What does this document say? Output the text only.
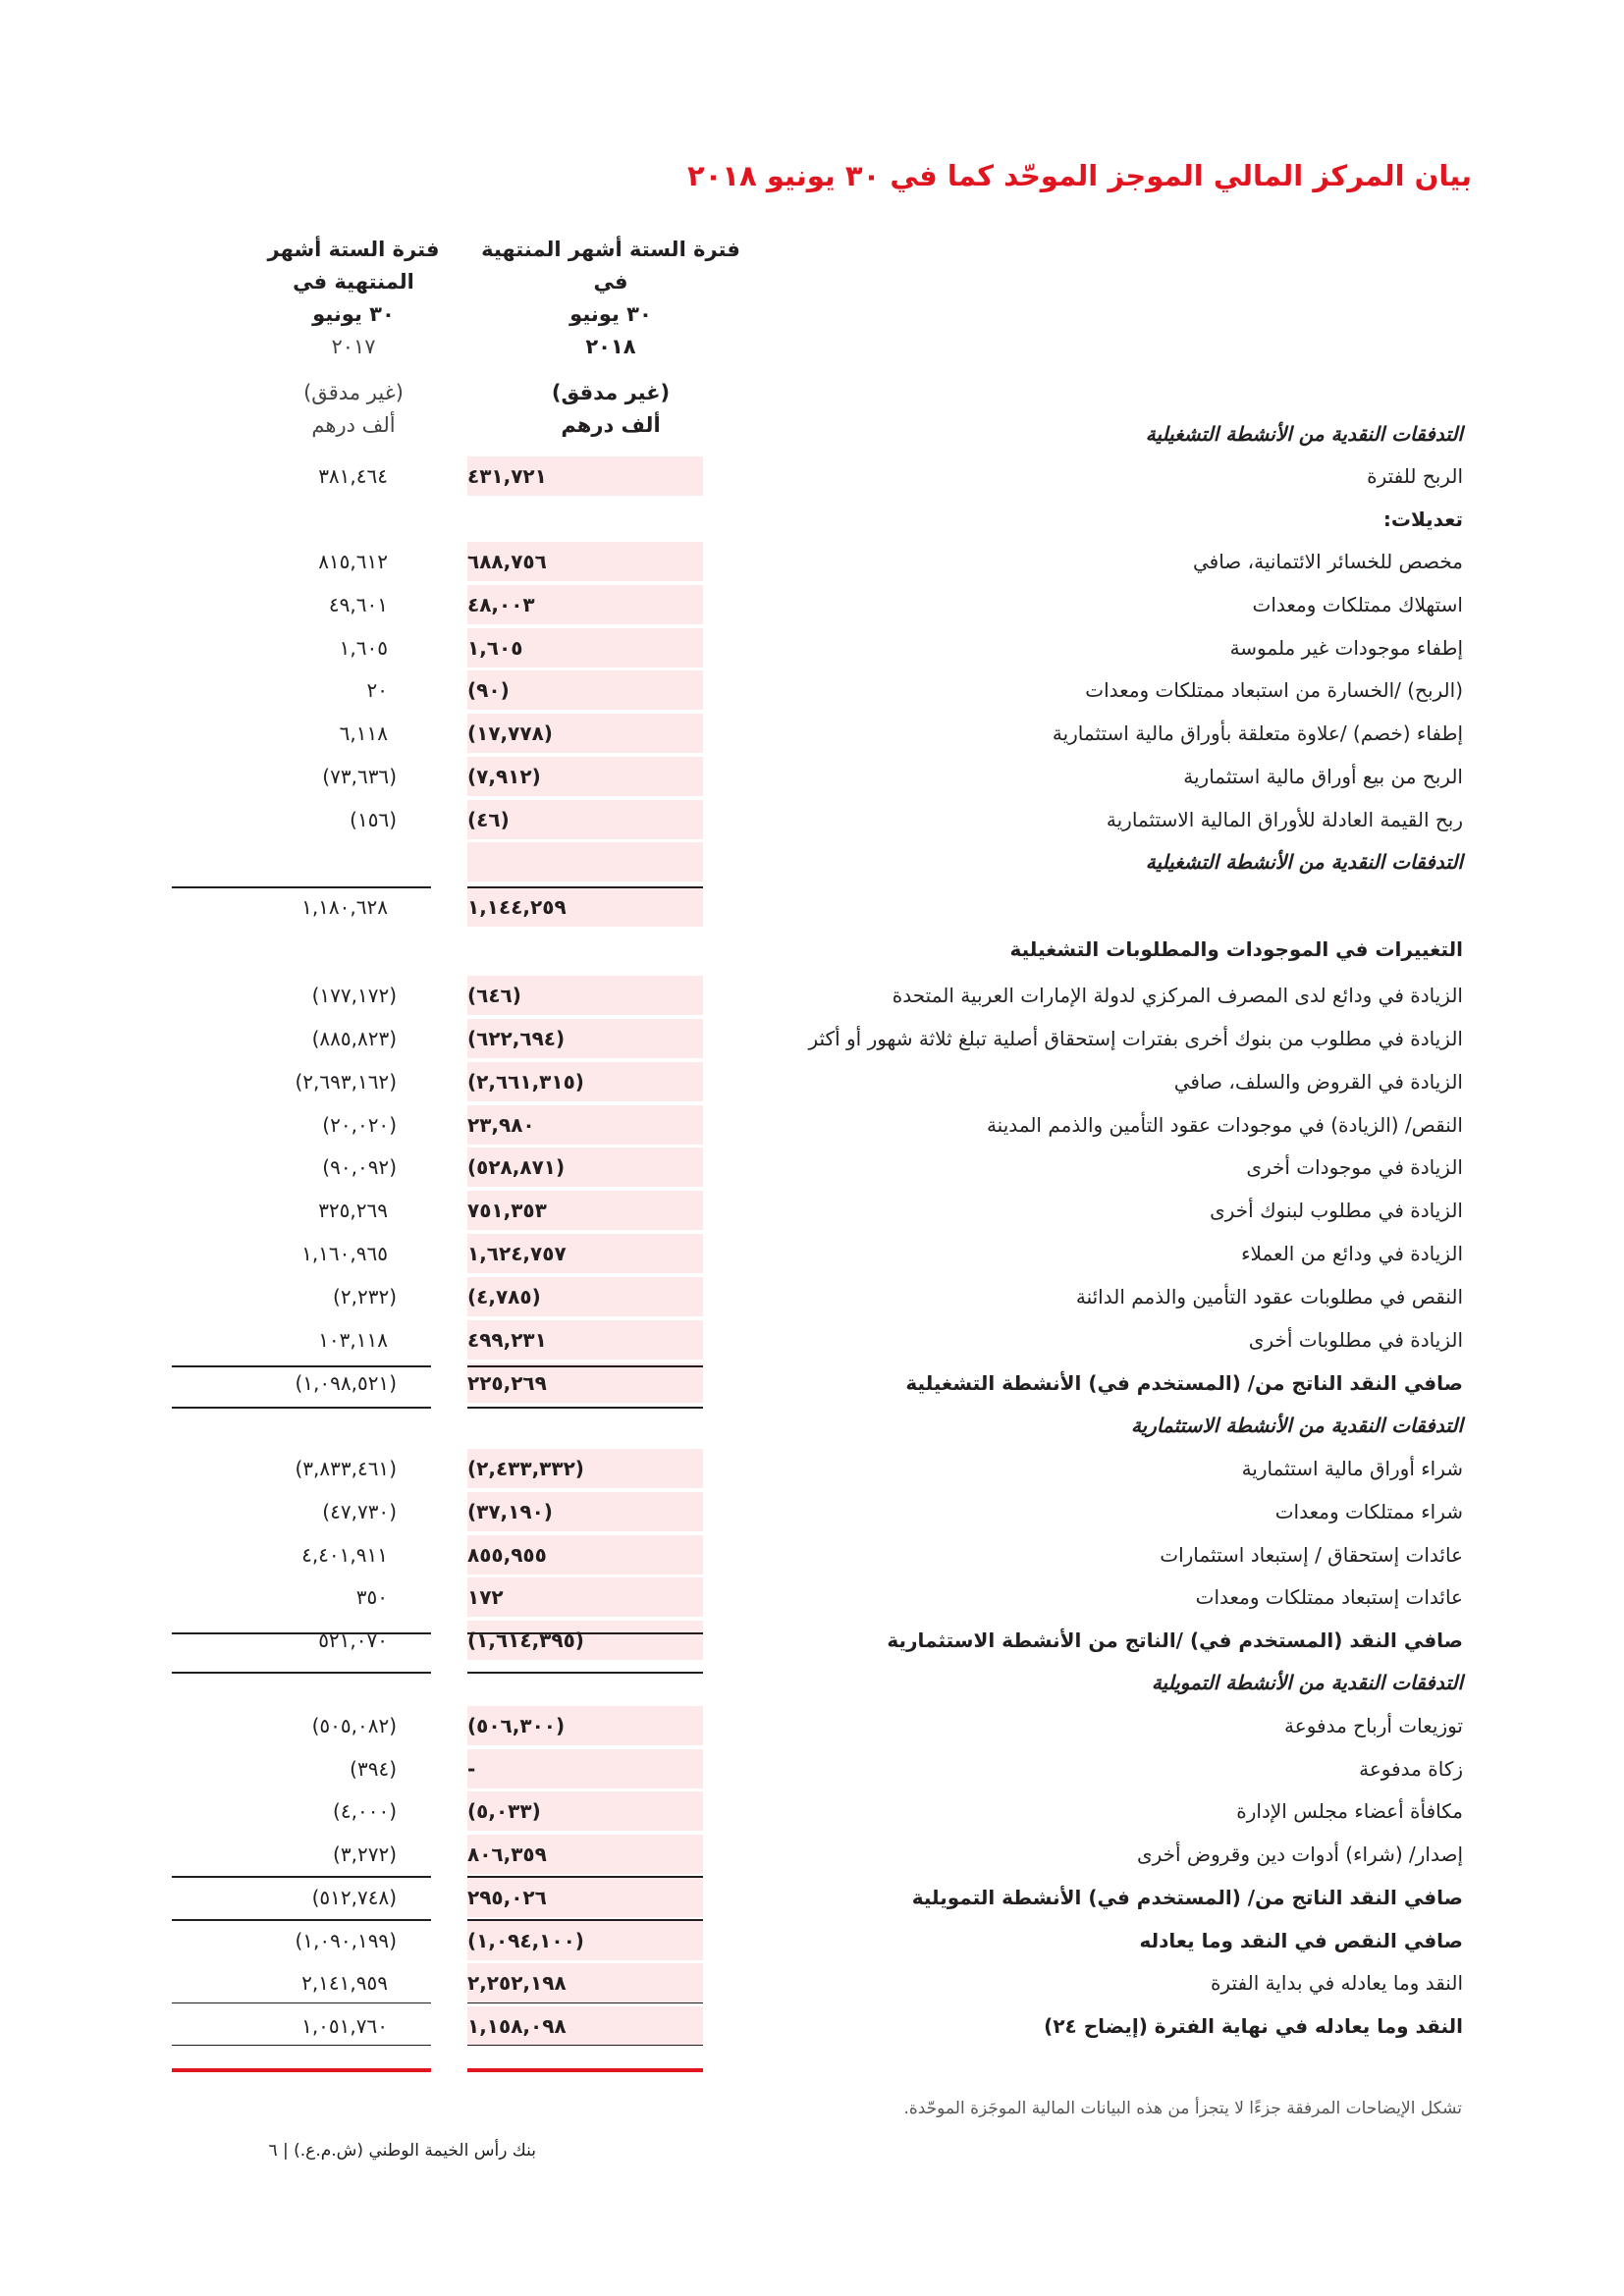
بيان المركز المالي الموجز الموحّد كما في ٣٠ يونيو ٢٠١٨
فترة الستة أشهر المنتهية في
٣٠ يونيو
٢٠١٨
(غير مدقق)
ألف درهم
فترة الستة أشهر المنتهية في
٣٠ يونيو
٢٠١٧
(غير مدقق)
ألف درهم	التدفقات النقدية من الأنشطة التشغيلية
الربح للفترة
٤٣١,٧٢١
٣٨١,٤٦٤
تعديلات:
مخصص للخسائر الائتمانية، صافي
٦٨٨,٧٥٦
٨١٥,٦١٢
استهلاك ممتلكات ومعدات
٤٨,٠٠٣
٤٩,٦٠١
إطفاء موجودات غير ملموسة
١,٦٠٥
١,٦٠٥
(الربح) /الخسارة من استبعاد ممتلكات ومعدات
(٩٠)
٢٠
إطفاء (خصم) /علاوة متعلقة بأوراق مالية استثمارية
(١٧,٧٧٨)
٦,١١٨
الربح من بيع أوراق مالية استثمارية
(٧,٩١٢)
(٧٣,٦٣٦)
ربح القيمة العادلة للأوراق المالية الاستثمارية
(٤٦)
(١٥٦)
التدفقات النقدية من الأنشطة التشغيلية
١,١٤٤,٢٥٩
١,١٨٠,٦٢٨
التغييرات في الموجودات والمطلوبات التشغيلية
الزيادة في ودائع لدى المصرف المركزي لدولة الإمارات العربية المتحدة
(٦٤٦)
(١٧٧,١٧٢)
الزيادة في مطلوب من بنوك أخرى بفترات إستحقاق أصلية تبلغ ثلاثة شهور أو أكثر
(٦٢٢,٦٩٤)
(٨٨٥,٨٢٣)
الزيادة في القروض والسلف، صافي
(٢,٦٦١,٣١٥)
(٢,٦٩٣,١٦٢)
النقص/ (الزيادة) في موجودات عقود التأمين والذمم المدينة
٢٣,٩٨٠
(٢٠,٠٢٠)
الزيادة في موجودات أخرى
(٥٢٨,٨٧١)
(٩٠,٠٩٢)
الزيادة في مطلوب لبنوك أخرى
٧٥١,٣٥٣
٣٢٥,٢٦٩
الزيادة في ودائع من العملاء
١,٦٢٤,٧٥٧
١,١٦٠,٩٦٥
النقص في مطلوبات عقود التأمين والذمم الدائنة
(٤,٧٨٥)
(٢,٢٣٢)
الزيادة في مطلوبات أخرى
٤٩٩,٢٣١
١٠٣,١١٨
صافي النقد الناتج من/ (المستخدم في) الأنشطة التشغيلية
٢٢٥,٢٦٩
(١,٠٩٨,٥٢١)
التدفقات النقدية من الأنشطة الاستثمارية
شراء أوراق مالية استثمارية
(٢,٤٣٣,٣٣٢)
(٣,٨٣٣,٤٦١)
شراء ممتلكات ومعدات
(٣٧,١٩٠)
(٤٧,٧٣٠)
عائدات إستحقاق / إستبعاد استثمارات
٨٥٥,٩٥٥
٤,٤٠١,٩١١
عائدات إستبعاد ممتلكات ومعدات
١٧٢
٣٥٠
صافي النقد (المستخدم في) /الناتج من الأنشطة الاستثمارية
(١,٦١٤,٣٩٥)
٥٢١,٠٧٠
التدفقات النقدية من الأنشطة التمويلية
توزيعات أرباح مدفوعة
(٥٠٦,٣٠٠)
(٥٠٥,٠٨٢)
زكاة مدفوعة
-
(٣٩٤)
مكافأة أعضاء مجلس الإدارة
(٥,٠٣٣)
(٤,٠٠٠)
إصدار/ (شراء) أدوات دين وقروض أخرى
٨٠٦,٣٥٩
(٣,٢٧٢)
صافي النقد الناتج من/ (المستخدم في) الأنشطة التمويلية
٢٩٥,٠٢٦
(٥١٢,٧٤٨)
صافي النقص في النقد وما يعادله
(١,٠٩٤,١٠٠)
(١,٠٩٠,١٩٩)
النقد وما يعادله في بداية الفترة
٢,٢٥٢,١٩٨
٢,١٤١,٩٥٩
النقد وما يعادله في نهاية الفترة (إيضاح ٢٤)
١,١٥٨,٠٩٨
١,٠٥١,٧٦٠
تشكل الإيضاحات المرفقة جزءًا لا يتجزأ من هذه البيانات المالية الموجَزة الموحّدة.
بنك رأس الخيمة الوطني (ش.م.ع.) | ٦
